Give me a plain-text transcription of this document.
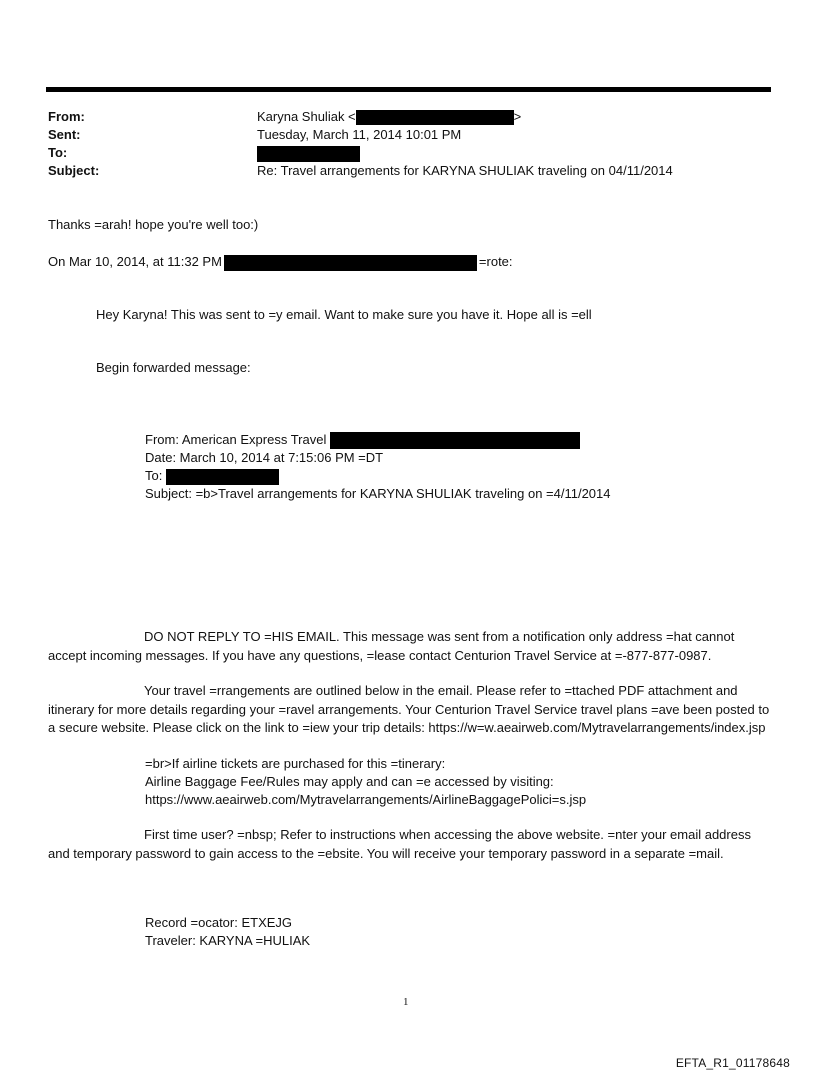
From:	Karyna Shuliak <	>
Sent:	Tuesday, March 11, 2014 10:01 PM
To:
Subject:	Re: Travel arrangements for KARYNA SHULIAK traveling on 04/11/2014
Thanks =arah! hope you're well too:)
On Mar 10, 2014, at 11:32 PM	=rote:
Hey Karyna! This was sent to =y email. Want to make sure you have it. Hope all is =ell
Begin forwarded message:
From: American Express Travel
Date: March 10, 2014 at 7:15:06 PM =DT
To:
Subject: =b>Travel arrangements for KARYNA SHULIAK traveling on =4/11/2014
DO NOT REPLY TO =HIS EMAIL. This message was sent from a notification only address =hat cannot accept incoming messages. If you have any questions, =lease contact Centurion Travel Service at =-877-877-0987.
Your travel =rrangements are outlined below in the email. Please refer to =ttached PDF attachment and itinerary for more details regarding your =ravel arrangements. Your Centurion Travel Service travel plans =ave been posted to a secure website. Please click on the link to =iew your trip details: https://w=w.aeairweb.com/Mytravelarrangements/index.jsp
=br>If airline tickets are purchased for this =tinerary:
Airline Baggage Fee/Rules may apply and can =e accessed by visiting:
https://www.aeairweb.com/Mytravelarrangements/AirlineBaggagePolici=s.jsp
First time user? =nbsp; Refer to instructions when accessing the above website. =nter your email address and temporary password to gain access to the =ebsite. You will receive your temporary password in a separate =mail.
Record =ocator: ETXEJG
Traveler: KARYNA =HULIAK
1
EFTA_R1_01178648
